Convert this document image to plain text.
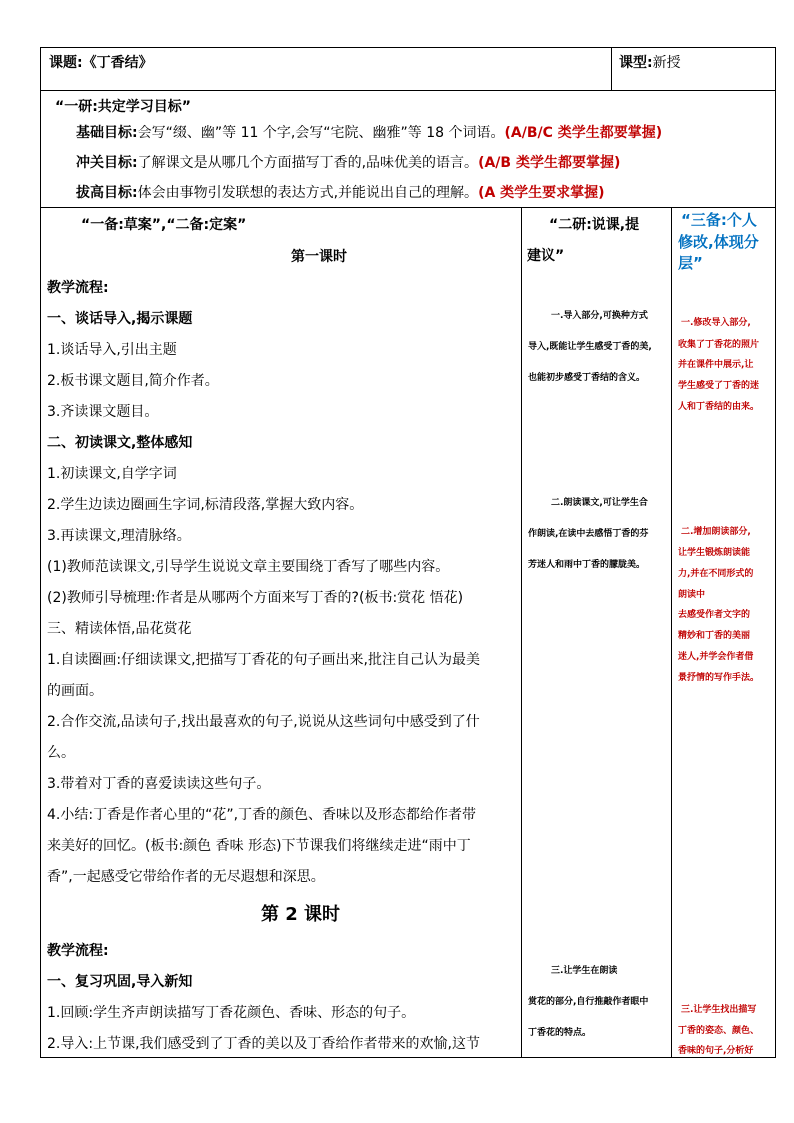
课题:《丁香结》	课型:新授
“一研:共定学习目标”
基础目标:会写“缀、幽”等 11 个字,会写“宅院、幽雅”等 18 个词语。(A/B/C 类学生都要掌握)
冲关目标:了解课文是从哪几个方面描写丁香的,品味优美的语言。(A/B 类学生都要掌握)
拔高目标:体会由事物引发联想的表达方式,并能说出自己的理解。(A 类学生要求掌握)
“一备:草案”,“二备:定案”	“二研:说课,提
建议”
“三备:个人
修改,体现分
层”
第一课时
教学流程:
一、谈话导入,揭示课题
1.谈话导入,引出主题
2.板书课文题目,简介作者。
3.齐读课文题目。
二、初读课文,整体感知
1.初读课文,自学字词
2.学生边读边圈画生字词,标清段落,掌握大致内容。
3.再读课文,理清脉络。
(1)教师范读课文,引导学生说说文章主要围绕丁香写了哪些内容。
(2)教师引导梳理:作者是从哪两个方面来写丁香的?(板书:赏花 悟花)
三、精读体悟,品花赏花
1.自读圈画:仔细读课文,把描写丁香花的句子画出来,批注自己认为最美
的画面。
2.合作交流,品读句子,找出最喜欢的句子,说说从这些词句中感受到了什
么。
3.带着对丁香的喜爱读读这些句子。
4.小结:丁香是作者心里的“花”,丁香的颜色、香味以及形态都给作者带
来美好的回忆。(板书:颜色 香味 形态)下节课我们将继续走进“雨中丁
香”,一起感受它带给作者的无尽遐想和深思。
第 2 课时
教学流程:
一、复习巩固,导入新知
1.回顾:学生齐声朗读描写丁香花颜色、香味、形态的句子。
2.导入:上节课,我们感受到了丁香的美以及丁香给作者带来的欢愉,这节
一.导入部分,可换种方式
导入,既能让学生感受丁香的美,
也能初步感受丁香结的含义。
二.朗读课文,可让学生合
作朗读,在读中去感悟丁香的芬
芳迷人和雨中丁香的朦胧美。
三.让学生在朗读
赏花的部分,自行推敲作者眼中
丁香花的特点。
一.修改导入部分,
收集了丁香花的照片
并在课件中展示,让
学生感受了丁香的迷
人和丁香结的由来。
二.增加朗读部分,
让学生锻炼朗读能
力,并在不同形式的
朗读中
去感受作者文字的
精妙和丁香的美丽
迷人,并学会作者借
景抒情的写作手法。
三.让学生找出描写
丁香的姿态、颜色、
香味的句子,分析好
